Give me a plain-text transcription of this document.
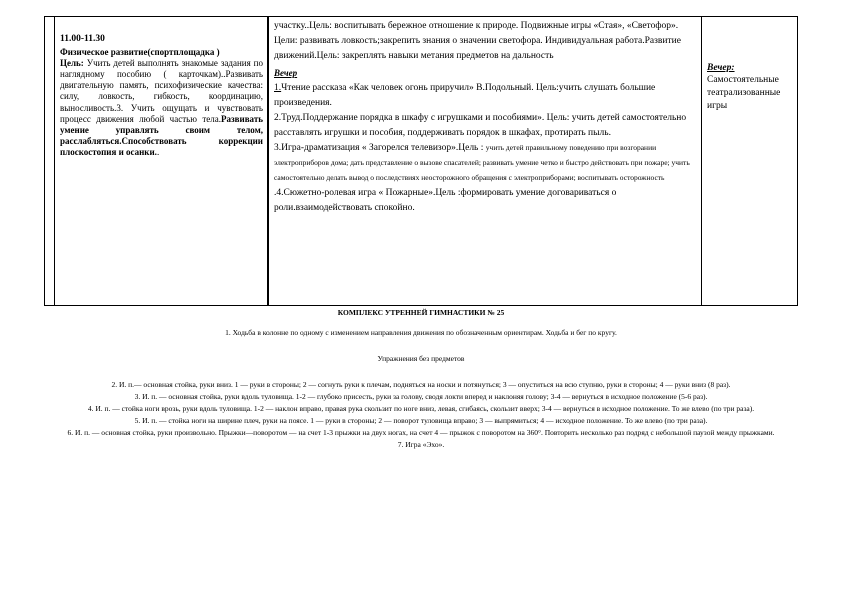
11.00-11.30

Физическое развитие(спортплощадка )

Цель: Учить детей выполнять знакомые задания по наглядному пособию ( карточкам)..Развивать двигательную память, психофизические качества: силу, ловкость, гибкость, координацию, выносливость.3. Учить ощущать и чувствовать процесс движения любой частью тела.Развивать умение управлять своим телом, расслабляться.Способствовать коррекции плоскостопия и осанки..

участку..Цель: воспитывать бережное отношение к природе. Подвижные игры «Стая», «Светофор». Цели: развивать ловкость;закрепить знания о значении светофора. Индивидуальная работа.Развитие движений.Цель: закреплять навыки метания предметов на дальность

Вечер

1.Чтение рассказа «Как человек огонь приручил» В.Подольный. Цель:учить слушать большие произведения.

2.Труд.Поддержание порядка в шкафу с игрушками и пособиями». Цель: учить детей самостоятельно расставлять игрушки и пособия, поддерживать порядок в шкафах, протирать пыль.

3.Игра-драматизация « Загорелся телевизор».Цель : учить детей правильному поведению при возгорании электроприборов дома; дать представление о вызове спасателей; развивать умение четко и быстро действовать при пожаре; учить самостоятельно делать вывод о последствиях неосторожного обращения с электроприборами; воспитывать осторожность

.4.Сюжетно-ролевая игра « Пожарные».Цель :формировать умение договариваться о роли.взаимодействовать спокойно.

Вечер:

Самостоятельные театрализованные игры

КОМПЛЕКС УТРЕННЕЙ ГИМНАСТИКИ № 25

1. Ходьба в колонне по одному с изменением направления движения по обозначенным ориентирам. Ходьба и бег по кругу.

Упражнения без предметов

2. И. п.— основная стойка, руки вниз. 1 — руки в стороны; 2 — согнуть руки к плечам, подняться на носки и потянуться; 3 — опуститься на всю ступню, руки в стороны; 4 — руки вниз (8 раз).

3. И. п. — основная стойка, руки вдоль туловища. 1-2 — глубоко присесть, руки за голову, сводя локти вперед и наклоняя голову; 3-4 — вернуться в исходное положение (5-6 раз).

4. И. п. — стойка ноги врозь, руки вдоль туловища. 1-2 — наклон вправо, правая рука скользит по ноге вниз, левая, сгибаясь, скользит вверх; 3-4 — вернуться в исходное положение. То же влево (по три раза).

5. И. п. — стойка ноги на ширине плеч, руки на поясе. 1 — руки в стороны; 2 — поворот туловища вправо; 3 — выпрямиться; 4 — исходное положение. То же влево (по три раза).

6. И. п. — основная стойка, руки произвольно. Прыжки—поворотом — на счет 1-3 прыжки на двух ногах, на счет 4 — прыжок с поворотом на 360°. Повторить несколько раз подряд с небольшой паузой между прыжками.

7. Игра «Эхо».
